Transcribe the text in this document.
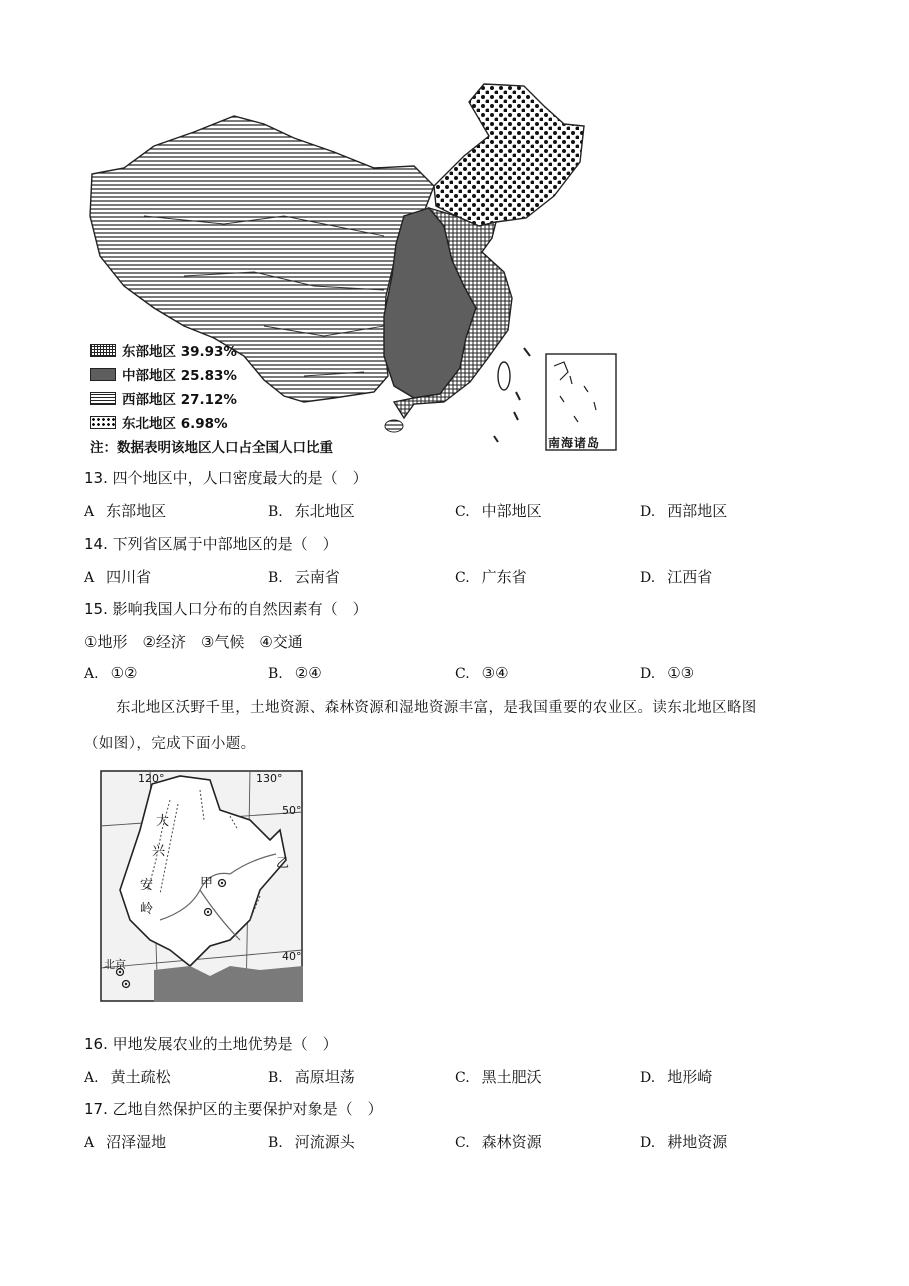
东部地区 39.93%
中部地区 25.83%
西部地区 27.12%
东北地区 6.98%
注：数据表明该地区人口占全国人口比重	南海诸岛
13. 四个地区中，人口密度最大的是（　）
A 东部地区	B. 东北地区	C. 中部地区	D. 西部地区
14. 下列省区属于中部地区的是（　）
A 四川省	B. 云南省	C. 广东省	D. 江西省
15. 影响我国人口分布的自然因素有（　）
①地形　②经济　③气候　④交通
A. ①②	B. ②④	C. ③④	D. ①③
东北地区沃野千里，土地资源、森林资源和湿地资源丰富，是我国重要的农业区。读东北地区略图
（如图），完成下面小题。
120°	130°
50°
40°
大
兴
安
岭
甲
乙
北京
16. 甲地发展农业的土地优势是（　）
A. 黄土疏松	B. 高原坦荡	C. 黑土肥沃	D. 地形崎
17. 乙地自然保护区的主要保护对象是（　）
A 沼泽湿地	B. 河流源头	C. 森林资源	D. 耕地资源
